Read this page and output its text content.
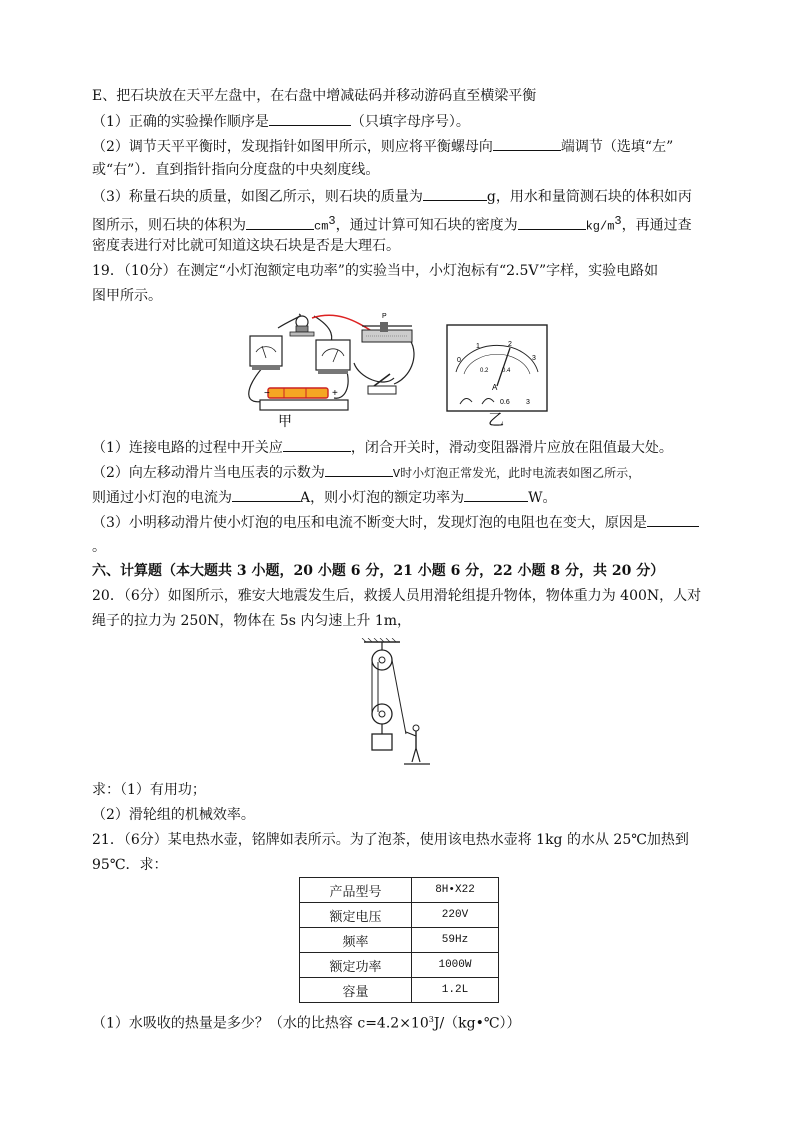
E、把石块放在天平左盘中，在右盘中增减砝码并移动游码直至横梁平衡
（1）正确的实验操作顺序是	（只填字母序号）。
（2）调节天平平衡时，发现指针如图甲所示，则应将平衡螺母向	端调节（选填“左”
或“右”）．直到指针指向分度盘的中央刻度线。
（3）称量石块的质量，如图乙所示，则石块的质量为	g，用水和量筒测石块的体积如丙
图所示，则石块的体积为	$cm^3$，通过计算可知石块的密度为	$kg/m^3$，再通过查
密度表进行对比就可知道这块石块是否是大理石。
19．（10分）在测定“小灯泡额定电功率”的实验当中，小灯泡标有“2.5V”字样，实验电路如
图甲所示。
P
−	+
甲
0
1	2
3
0.2 0.4
A
0.6 3
乙
（1）连接电路的过程中开关应	，闭合开关时，滑动变阻器滑片应放在阻值最大处。
（2）向左移动滑片当电压表的示数为	V时小灯泡正常发光，此时电流表如图乙所示，
则通过小灯泡的电流为	A，则小灯泡的额定功率为	W。
（3）小明移动滑片使小灯泡的电压和电流不断变大时，发现灯泡的电阻也在变大，原因是
。
六、计算题（本大题共 3 小题，20 小题 6 分，21 小题 6 分，22 小题 8 分，共 20 分）
20．（6分）如图所示，雅安大地震发生后，救援人员用滑轮组提升物体，物体重力为 400N，人对
绳子的拉力为 250N，物体在 5s 内匀速上升 1m，
求：（1）有用功；
（2）滑轮组的机械效率。
21．（6分）某电热水壶，铭牌如表所示。为了泡茶，使用该电热水壶将 1kg 的水从 25℃加热到
95℃．求：
产品型号	8H•X22
额定电压	220V
频率	59Hz
额定功率	1000W
容量	1.2L
（1）水吸收的热量是多少？（水的比热容 $c=4.2\times 10^3J/(kg•℃)$）
